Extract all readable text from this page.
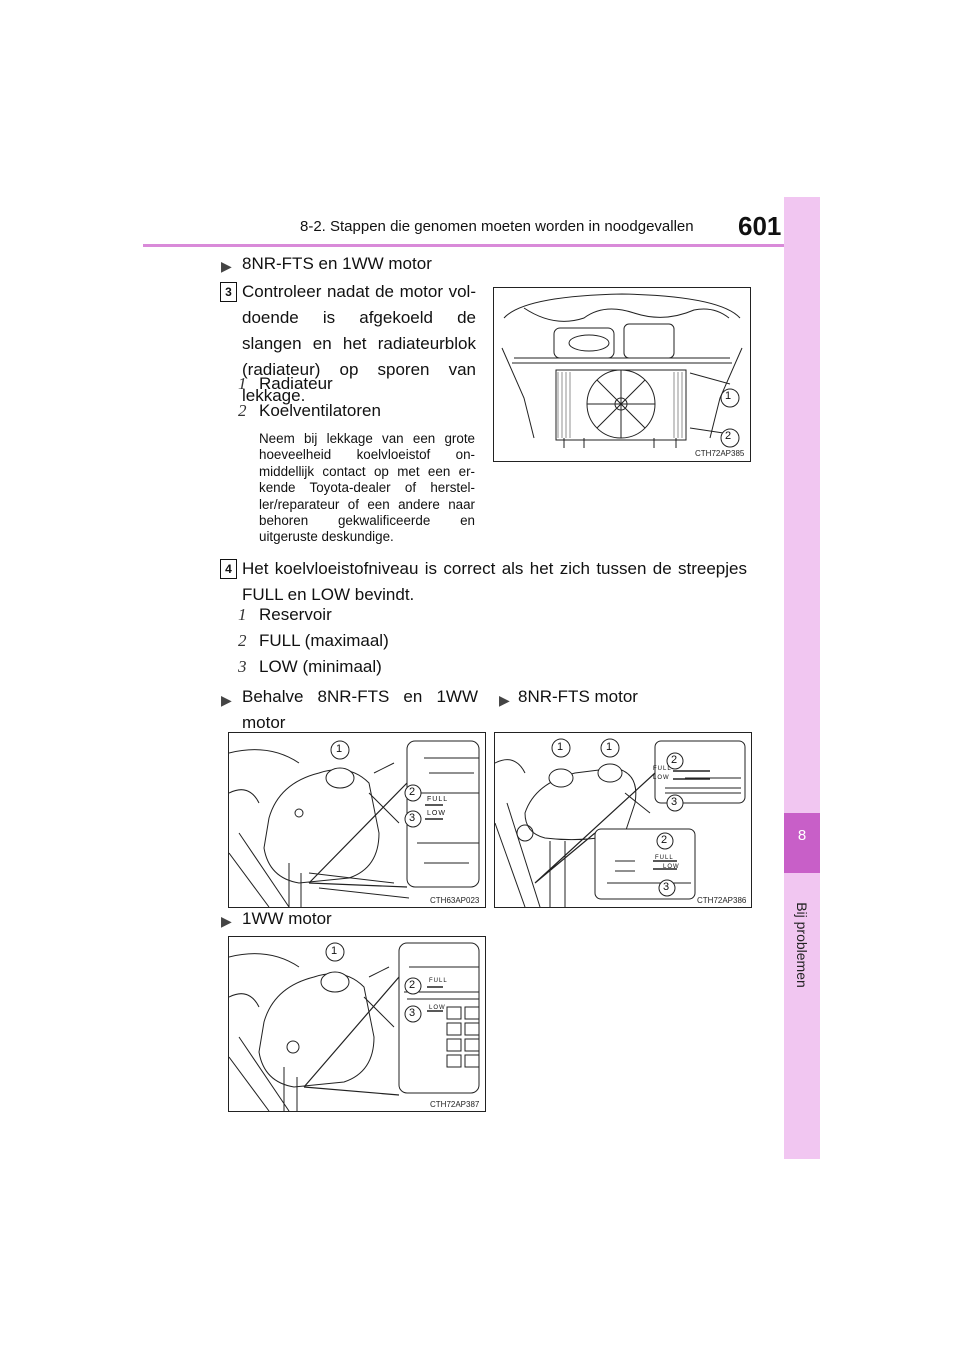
8-2. Stappen die genomen moeten worden in noodgevallen 601
8
Bij problemen
▶ 8NR-FTS en 1WW motor
3 Controleer nadat de motor vol-doende is afgekoeld de slangen en het radiateurblok (radiateur) op sporen van lekkage.
1 Radiateur
2 Koelventilatoren
Neem bij lekkage van een grote hoeveelheid koelvloeistof on-middellijk contact op met een er-kende Toyota-dealer of herstel-ler/reparateur of een andere naar behoren gekwalificeerde en uitgeruste deskundige.
1
2
CTH72AP385
4 Het koelvloeistofniveau is correct als het zich tussen de streepjes FULL en LOW bevindt.
1 Reservoir
2 FULL (maximaal)
3 LOW (minimaal)
▶ Behalve 8NR-FTS en 1WW motor
▶ 8NR-FTS motor
1
2
3
FULL
LOW
CTH63AP023
1	1
2
3
2
3
FULL
LOW
FULL
LOW
CTH72AP386
▶ 1WW motor
1
2
3
FULL
LOW
CTH72AP387
